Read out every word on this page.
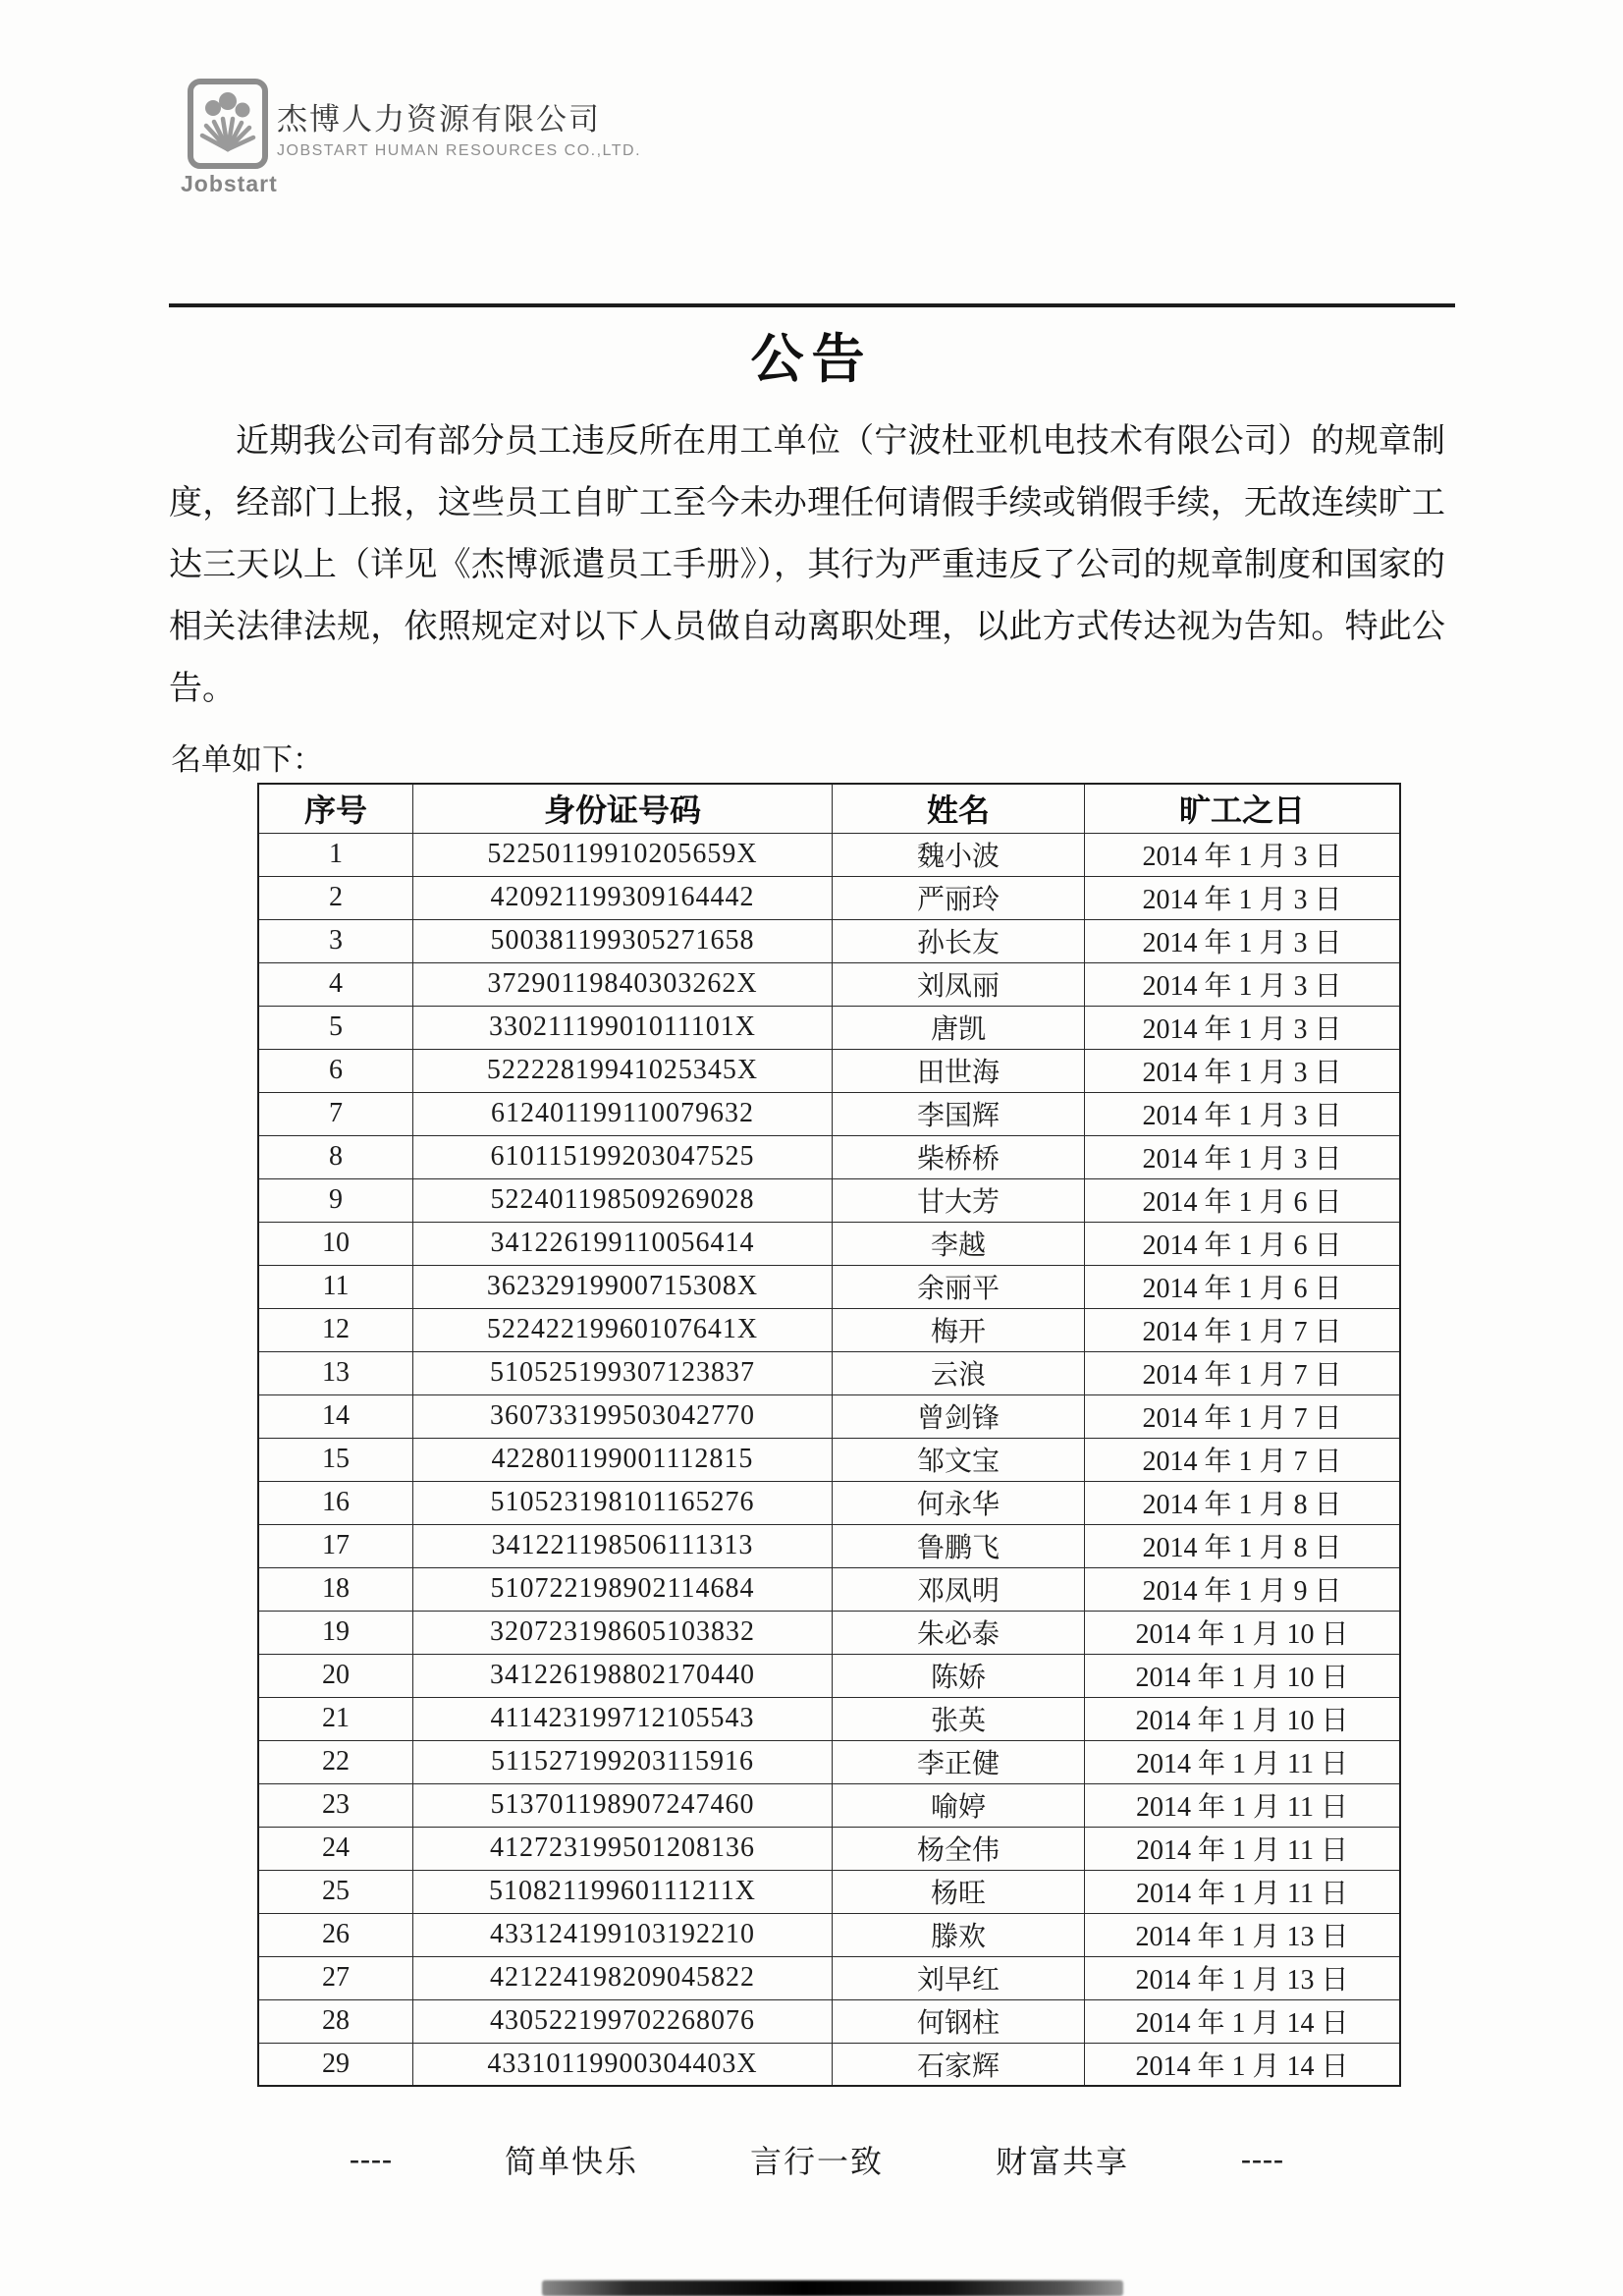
Jobstart
杰博人力资源有限公司
JOBSTART HUMAN RESOURCES CO.,LTD.
公告

近期我公司有部分员工违反所在用工单位（宁波杜亚机电技术有限公司）的规章制度，经部门上报，这些员工自旷工至今未办理任何请假手续或销假手续，无故连续旷工达三天以上（详见《杰博派遣员工手册》），其行为严重违反了公司的规章制度和国家的相关法律法规，依照规定对以下人员做自动离职处理，以此方式传达视为告知。特此公告。

名单如下：
序号	身份证号码	姓名	旷工之日
1	52250119910205659X	魏小波	2014 年 1 月 3 日
2	420921199309164442	严丽玲	2014 年 1 月 3 日
3	500381199305271658	孙长友	2014 年 1 月 3 日
4	37290119840303262X	刘凤丽	2014 年 1 月 3 日
5	33021119901011101X	唐凯	2014 年 1 月 3 日
6	52222819941025345X	田世海	2014 年 1 月 3 日
7	612401199110079632	李国辉	2014 年 1 月 3 日
8	610115199203047525	柴桥桥	2014 年 1 月 3 日
9	522401198509269028	甘大芳	2014 年 1 月 6 日
10	341226199110056414	李越	2014 年 1 月 6 日
11	36232919900715308X	余丽平	2014 年 1 月 6 日
12	52242219960107641X	梅开	2014 年 1 月 7 日
13	510525199307123837	云浪	2014 年 1 月 7 日
14	360733199503042770	曾剑锋	2014 年 1 月 7 日
15	422801199001112815	邹文宝	2014 年 1 月 7 日
16	510523198101165276	何永华	2014 年 1 月 8 日
17	341221198506111313	鲁鹏飞	2014 年 1 月 8 日
18	510722198902114684	邓凤明	2014 年 1 月 9 日
19	320723198605103832	朱必泰	2014 年 1 月 10 日
20	341226198802170440	陈娇	2014 年 1 月 10 日
21	411423199712105543	张英	2014 年 1 月 10 日
22	511527199203115916	李正健	2014 年 1 月 11 日
23	513701198907247460	喻婷	2014 年 1 月 11 日
24	412723199501208136	杨全伟	2014 年 1 月 11 日
25	51082119960111211X	杨旺	2014 年 1 月 11 日
26	433124199103192210	滕欢	2014 年 1 月 13 日
27	421224198209045822	刘早红	2014 年 1 月 13 日
28	430522199702268076	何钢柱	2014 年 1 月 14 日
29	43310119900304403X	石家辉	2014 年 1 月 14 日
----	简单快乐	言行一致	财富共享	----
